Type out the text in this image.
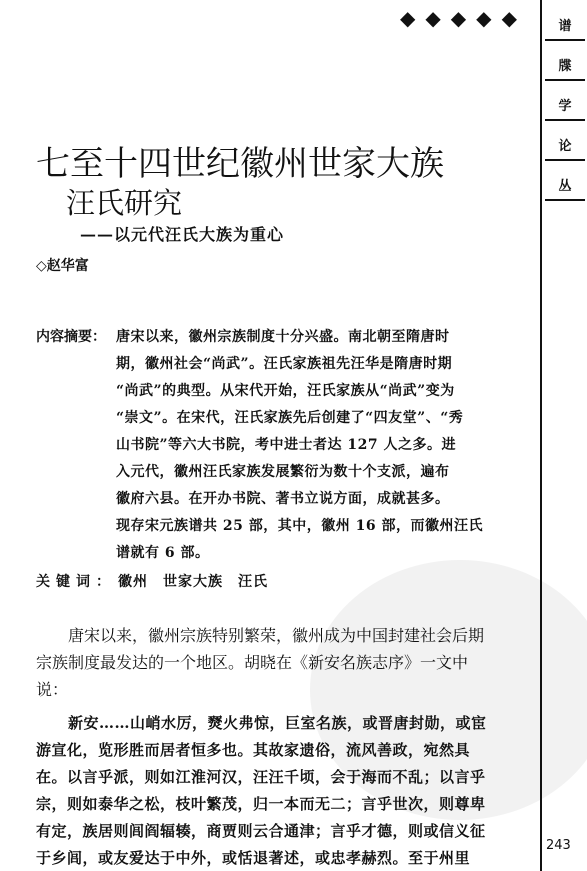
◆ ◆ ◆ ◆ ◆	谱
牒
学
论
丛
243
七至十四世纪徽州世家大族
汪氏研究
——以元代汪氏大族为重心
◇赵华富
内容摘要： 唐宋以来，徽州宗族制度十分兴盛。南北朝至隋唐时
期，徽州社会“尚武”。汪氏家族祖先汪华是隋唐时期
“尚武”的典型。从宋代开始，汪氏家族从“尚武”变为
“崇文”。在宋代，汪氏家族先后创建了“四友堂”、“秀
山书院”等六大书院，考中进士者达 127 人之多。进
入元代，徽州汪氏家族发展繁衍为数十个支派，遍布
徽府六县。在开办书院、著书立说方面，成就甚多。
现存宋元族谱共 25 部，其中，徽州 16 部，而徽州汪氏
谱就有 6 部。
关键词： 徽州　世家大族　汪氏
唐宋以来，徽州宗族特别繁荣，徽州成为中国封建社会后期
宗族制度最发达的一个地区。胡晓在《新安名族志序》一文中
说：
新安……山峭水厉，燹火弗惊，巨室名族，或晋唐封勋，或宦
游宣化，览形胜而居者恒多也。其故家遗俗，流风善政，宛然具
在。以言乎派，则如江淮河汉，汪汪千顷，会于海而不乱；以言乎
宗，则如泰华之松，枝叶繁茂，归一本而无二；言乎世次，则尊卑
有定，族居则闾阎辐辏，商贾则云合通津；言乎才德，则或信义征
于乡闾，或友爱达于中外，或恬退著述，或忠孝赫烈。至于州里
